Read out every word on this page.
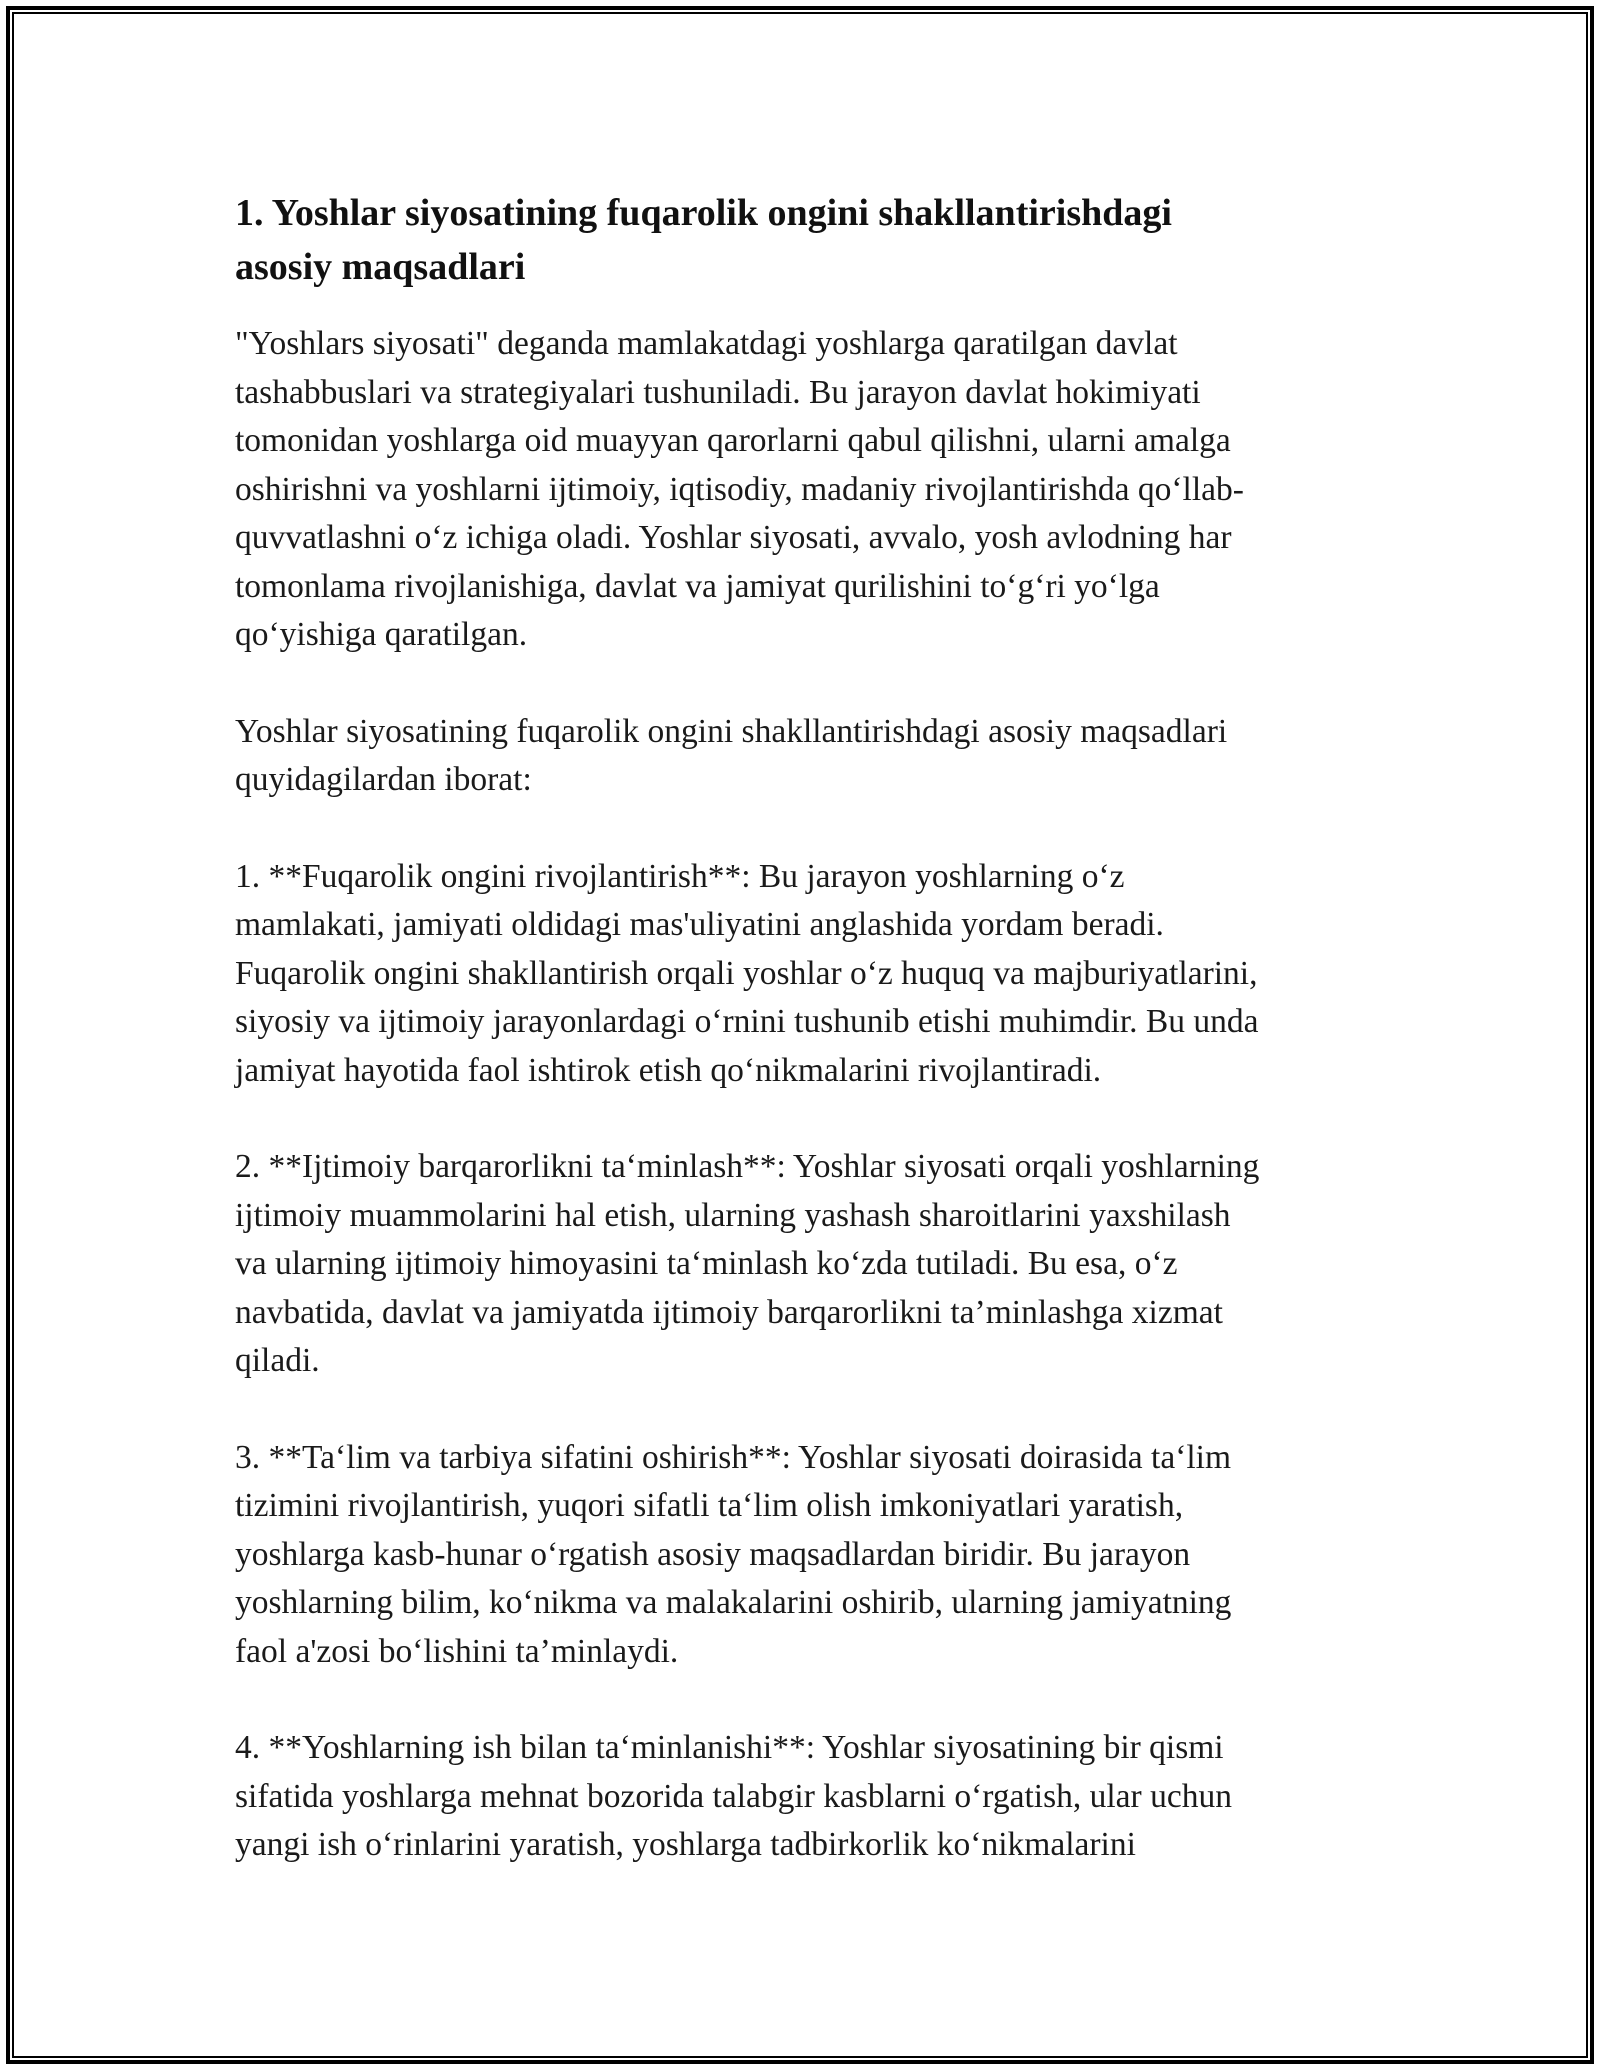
1. Yoshlar siyosatining fuqarolik ongini shakllantirishdagi
asosiy maqsadlari

"Yoshlars siyosati" deganda mamlakatdagi yoshlarga qaratilgan davlat
tashabbuslari va strategiyalari tushuniladi. Bu jarayon davlat hokimiyati
tomonidan yoshlarga oid muayyan qarorlarni qabul qilishni, ularni amalga
oshirishni va yoshlarni ijtimoiy, iqtisodiy, madaniy rivojlantirishda qo‘llab-
quvvatlashni o‘z ichiga oladi. Yoshlar siyosati, avvalo, yosh avlodning har
tomonlama rivojlanishiga, davlat va jamiyat qurilishini to‘g‘ri yo‘lga
qo‘yishiga qaratilgan.

Yoshlar siyosatining fuqarolik ongini shakllantirishdagi asosiy maqsadlari
quyidagilardan iborat:

1. **Fuqarolik ongini rivojlantirish**: Bu jarayon yoshlarning o‘z
mamlakati, jamiyati oldidagi mas'uliyatini anglashida yordam beradi.
Fuqarolik ongini shakllantirish orqali yoshlar o‘z huquq va majburiyatlarini,
siyosiy va ijtimoiy jarayonlardagi o‘rnini tushunib etishi muhimdir. Bu unda
jamiyat hayotida faol ishtirok etish qo‘nikmalarini rivojlantiradi.

2. **Ijtimoiy barqarorlikni ta‘minlash**: Yoshlar siyosati orqali yoshlarning
ijtimoiy muammolarini hal etish, ularning yashash sharoitlarini yaxshilash
va ularning ijtimoiy himoyasini ta‘minlash ko‘zda tutiladi. Bu esa, o‘z
navbatida, davlat va jamiyatda ijtimoiy barqarorlikni ta’minlashga xizmat
qiladi.

3. **Ta‘lim va tarbiya sifatini oshirish**: Yoshlar siyosati doirasida ta‘lim
tizimini rivojlantirish, yuqori sifatli ta‘lim olish imkoniyatlari yaratish,
yoshlarga kasb-hunar o‘rgatish asosiy maqsadlardan biridir. Bu jarayon
yoshlarning bilim, ko‘nikma va malakalarini oshirib, ularning jamiyatning
faol a'zosi bo‘lishini ta’minlaydi.

4. **Yoshlarning ish bilan ta‘minlanishi**: Yoshlar siyosatining bir qismi
sifatida yoshlarga mehnat bozorida talabgir kasblarni o‘rgatish, ular uchun
yangi ish o‘rinlarini yaratish, yoshlarga tadbirkorlik ko‘nikmalarini
